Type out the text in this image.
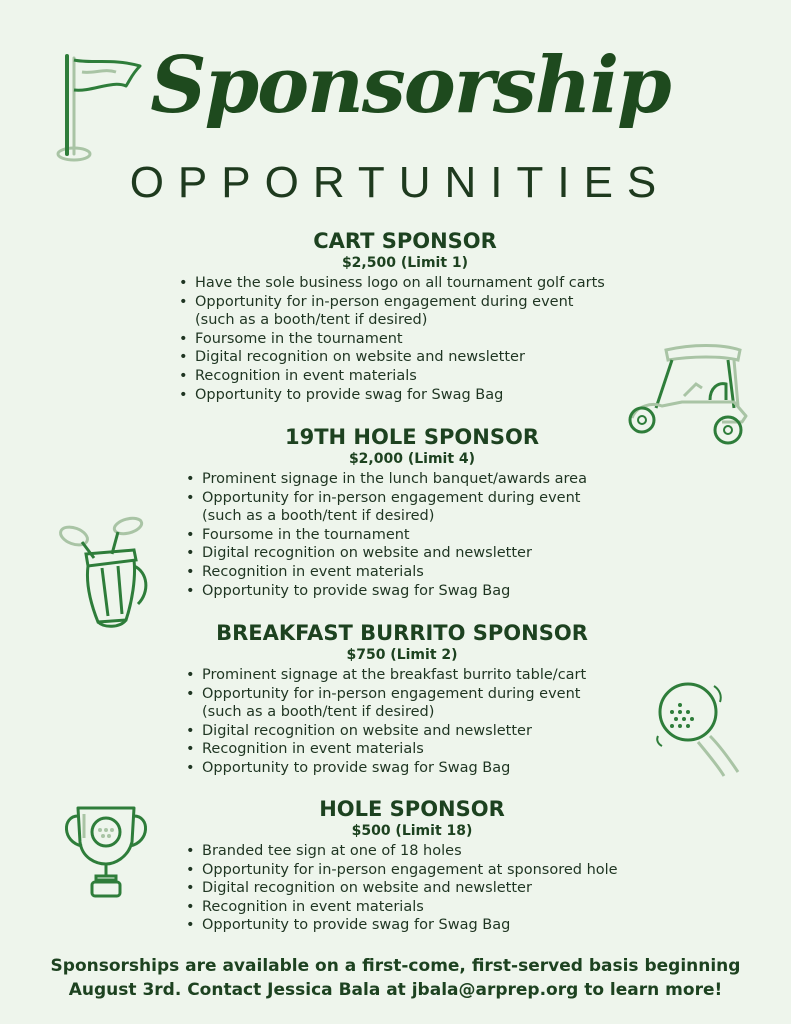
Sponsorship
OPPORTUNITIES
CART SPONSOR
$2,500 (Limit 1)
• Have the sole business logo on all tournament golf carts
• Opportunity for in-person engagement during event
(such as a booth/tent if desired)
• Foursome in the tournament
• Digital recognition on website and newsletter
• Recognition in event materials
• Opportunity to provide swag for Swag Bag
19TH HOLE SPONSOR
$2,000 (Limit 4)
• Prominent signage in the lunch banquet/awards area
• Opportunity for in-person engagement during event
(such as a booth/tent if desired)
• Foursome in the tournament
• Digital recognition on website and newsletter
• Recognition in event materials
• Opportunity to provide swag for Swag Bag
BREAKFAST BURRITO SPONSOR
$750 (Limit 2)
• Prominent signage at the breakfast burrito table/cart
• Opportunity for in-person engagement during event
(such as a booth/tent if desired)
• Digital recognition on website and newsletter
• Recognition in event materials
• Opportunity to provide swag for Swag Bag
HOLE SPONSOR
$500 (Limit 18)
• Branded tee sign at one of 18 holes
• Opportunity for in-person engagement at sponsored hole
• Digital recognition on website and newsletter
• Recognition in event materials
• Opportunity to provide swag for Swag Bag
Sponsorships are available on a first-come, first-served basis beginning
August 3rd. Contact Jessica Bala at jbala@arprep.org to learn more!
